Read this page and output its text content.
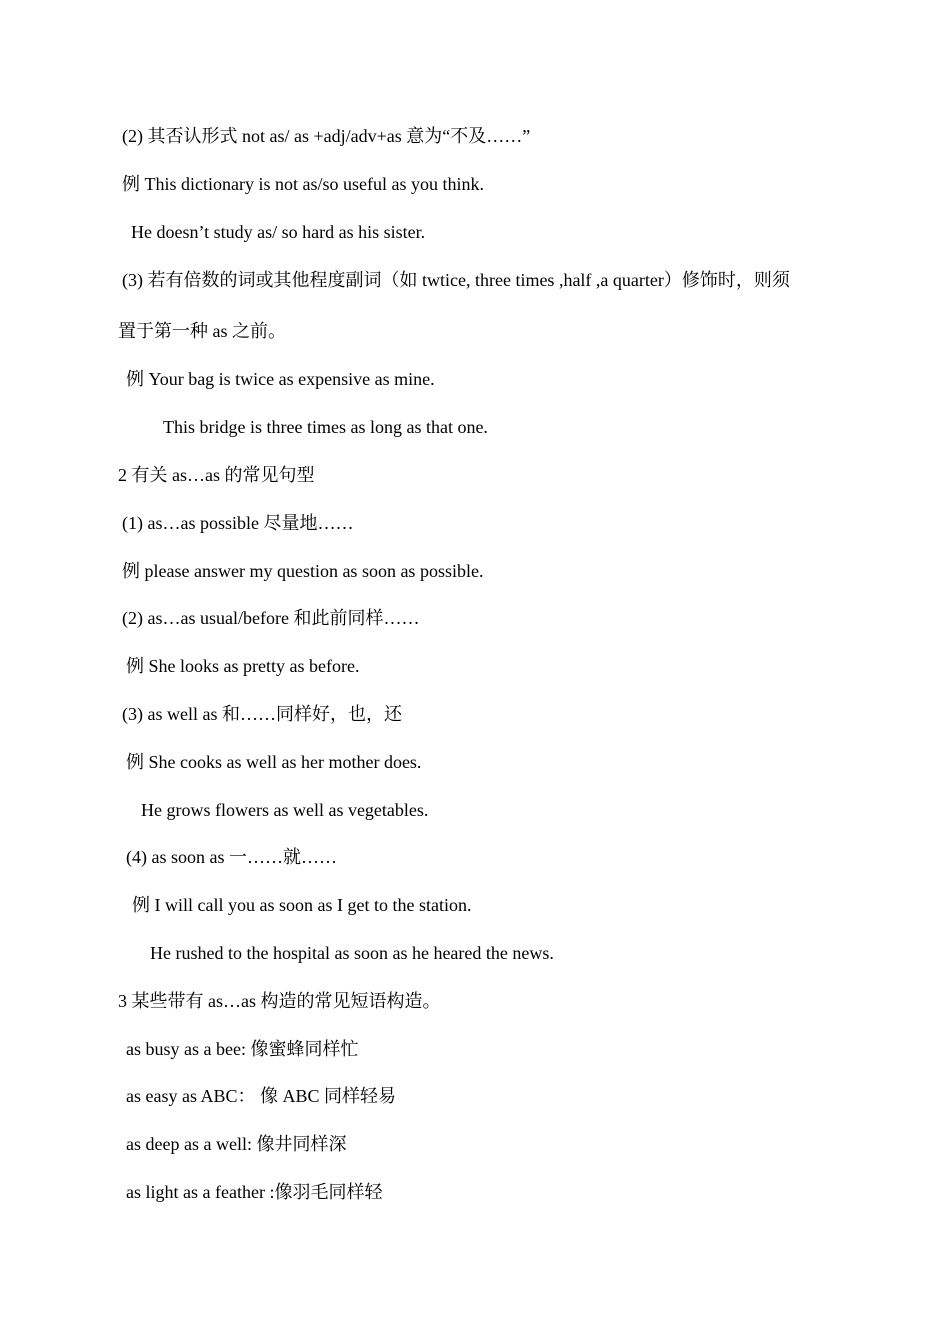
(2) 其否认形式 not as/ as +adj/adv+as 意为“不及……”
例 This dictionary is not as/so useful as you think.
He doesn’t study as/ so hard as his sister.
(3) 若有倍数的词或其他程度副词（如 twtice, three times ,half ,a quarter）修饰时，则须
置于第一种 as 之前。
例 Your bag is twice as expensive as mine.
This bridge is three times as long as that one.
2 有关 as…as 的常见句型
(1) as…as possible 尽量地……
例 please answer my question as soon as possible.
(2) as…as usual/before 和此前同样……
例 She looks as pretty as before.
(3) as well as 和……同样好，也，还
例 She cooks as well as her mother does.
He grows flowers as well as vegetables.
(4) as soon as 一……就……
例 I will call you as soon as I get to the station.
He rushed to the hospital as soon as he heared the news.
3 某些带有 as…as 构造的常见短语构造。
as busy as a bee: 像蜜蜂同样忙
as easy as ABC： 像 ABC 同样轻易
as deep as a well: 像井同样深
as light as a feather :像羽毛同样轻
